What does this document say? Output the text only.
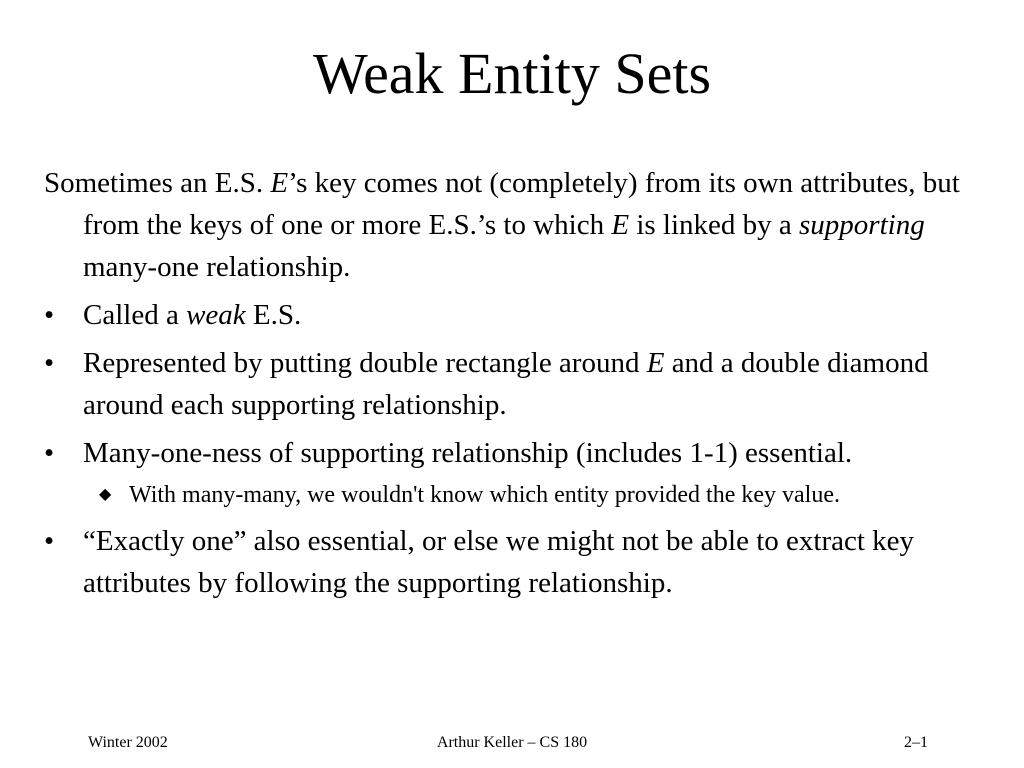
Weak Entity Sets

Sometimes an E.S. E’s key comes not (completely) from its own attributes, but from the keys of one or more E.S.’s to which E is linked by a supporting many-one relationship.

• Called a weak E.S.
• Represented by putting double rectangle around E and a double diamond around each supporting relationship.
• Many-one-ness of supporting relationship (includes 1-1) essential.
◆ With many-many, we wouldn't know which entity provided the key value.
• “Exactly one” also essential, or else we might not be able to extract key attributes by following the supporting relationship.
Winter 2002	Arthur Keller – CS 180	2–1
